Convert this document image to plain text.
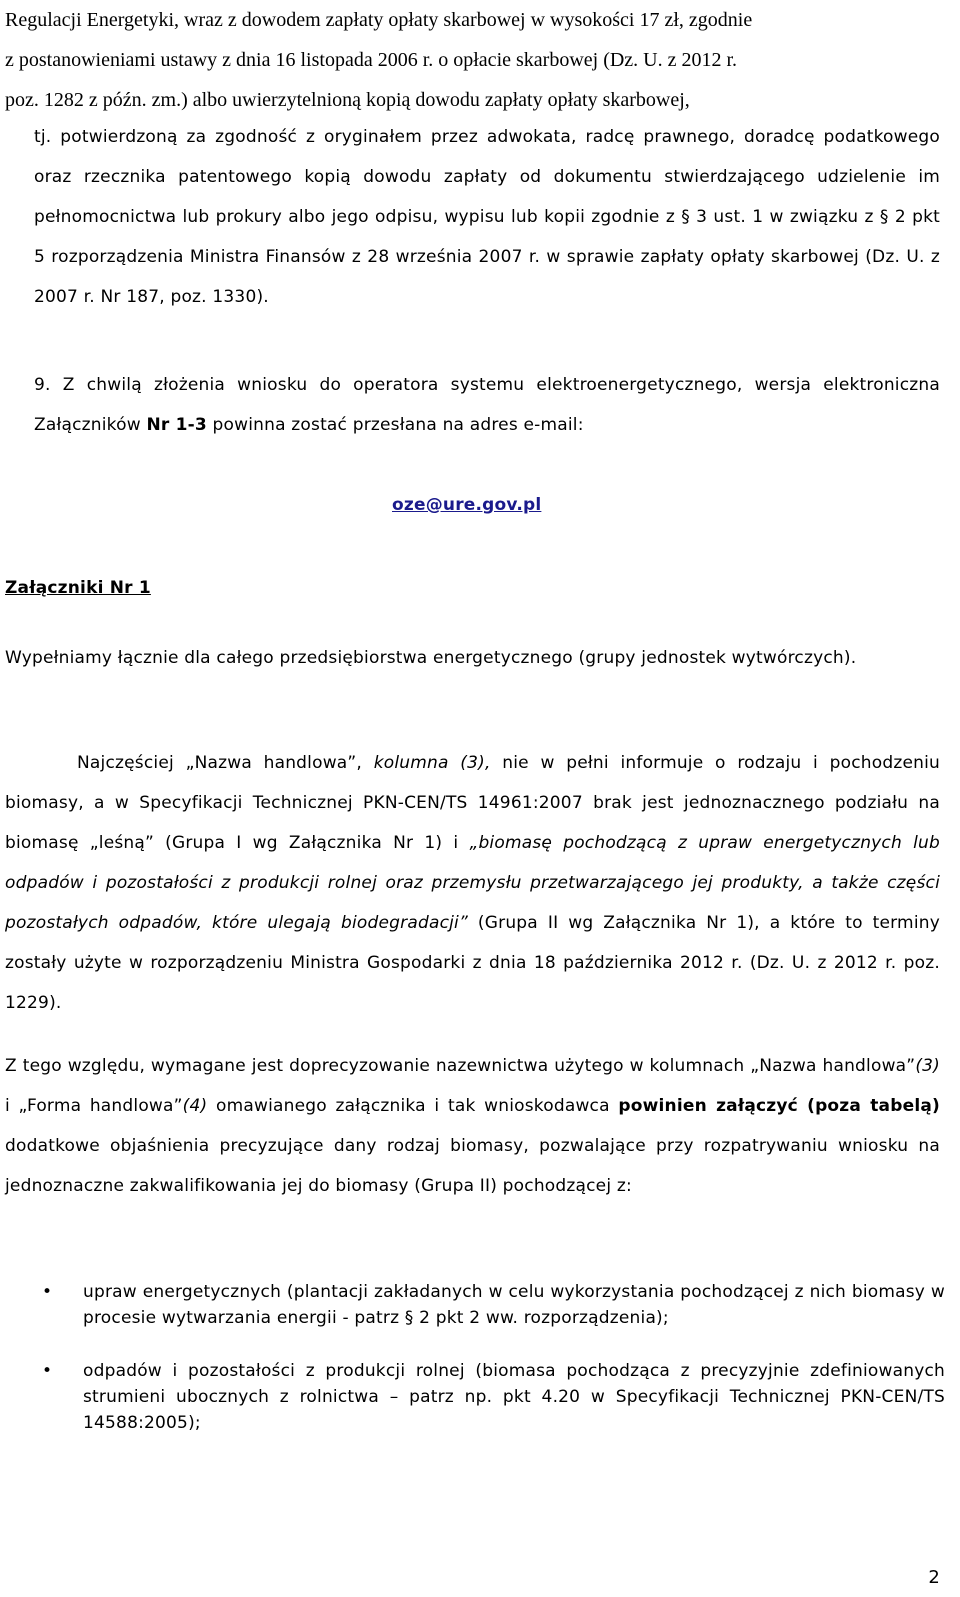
Regulacji Energetyki, wraz z dowodem zapłaty opłaty skarbowej w wysokości 17 zł, zgodnie
z postanowieniami ustawy z dnia 16 listopada 2006 r. o opłacie skarbowej (Dz. U. z 2012 r.
poz. 1282 z późn. zm.) albo uwierzytelnioną kopią dowodu zapłaty opłaty skarbowej,
tj. potwierdzoną za zgodność z oryginałem przez adwokata, radcę prawnego, doradcę podatkowego oraz rzecznika patentowego kopią dowodu zapłaty od dokumentu stwierdzającego udzielenie im pełnomocnictwa lub prokury albo jego odpisu, wypisu lub kopii zgodnie z § 3 ust. 1 w związku z § 2 pkt 5 rozporządzenia Ministra Finansów z 28 września 2007 r. w sprawie zapłaty opłaty skarbowej (Dz. U. z 2007 r. Nr 187, poz. 1330).
9. Z chwilą złożenia wniosku do operatora systemu elektroenergetycznego, wersja elektroniczna Załączników Nr 1-3 powinna zostać przesłana na adres e-mail:
oze@ure.gov.pl
Załączniki Nr 1
Wypełniamy łącznie dla całego przedsiębiorstwa energetycznego (grupy jednostek wytwórczych).
Najczęściej „Nazwa handlowa”, kolumna (3), nie w pełni informuje o rodzaju i pochodzeniu biomasy, a w Specyfikacji Technicznej PKN-CEN/TS 14961:2007 brak jest jednoznacznego podziału na biomasę „leśną” (Grupa I wg Załącznika Nr 1) i „biomasę pochodzącą z upraw energetycznych lub odpadów i pozostałości z produkcji rolnej oraz przemysłu przetwarzającego jej produkty, a także części pozostałych odpadów, które ulegają biodegradacji” (Grupa II wg Załącznika Nr 1), a które to terminy zostały użyte w rozporządzeniu Ministra Gospodarki z dnia 18 października 2012 r. (Dz. U. z 2012 r. poz. 1229).
Z tego względu, wymagane jest doprecyzowanie nazewnictwa użytego w kolumnach „Nazwa handlowa”(3) i „Forma handlowa”(4) omawianego załącznika i tak wnioskodawca powinien załączyć (poza tabelą) dodatkowe objaśnienia precyzujące dany rodzaj biomasy, pozwalające przy rozpatrywaniu wniosku na jednoznaczne zakwalifikowania jej do biomasy (Grupa II) pochodzącej z:
• upraw energetycznych (plantacji zakładanych w celu wykorzystania pochodzącej z nich biomasy w procesie wytwarzania energii - patrz § 2 pkt 2 ww. rozporządzenia);
• odpadów i pozostałości z produkcji rolnej (biomasa pochodząca z precyzyjnie zdefiniowanych strumieni ubocznych z rolnictwa – patrz np. pkt 4.20 w Specyfikacji Technicznej PKN-CEN/TS 14588:2005);
2
